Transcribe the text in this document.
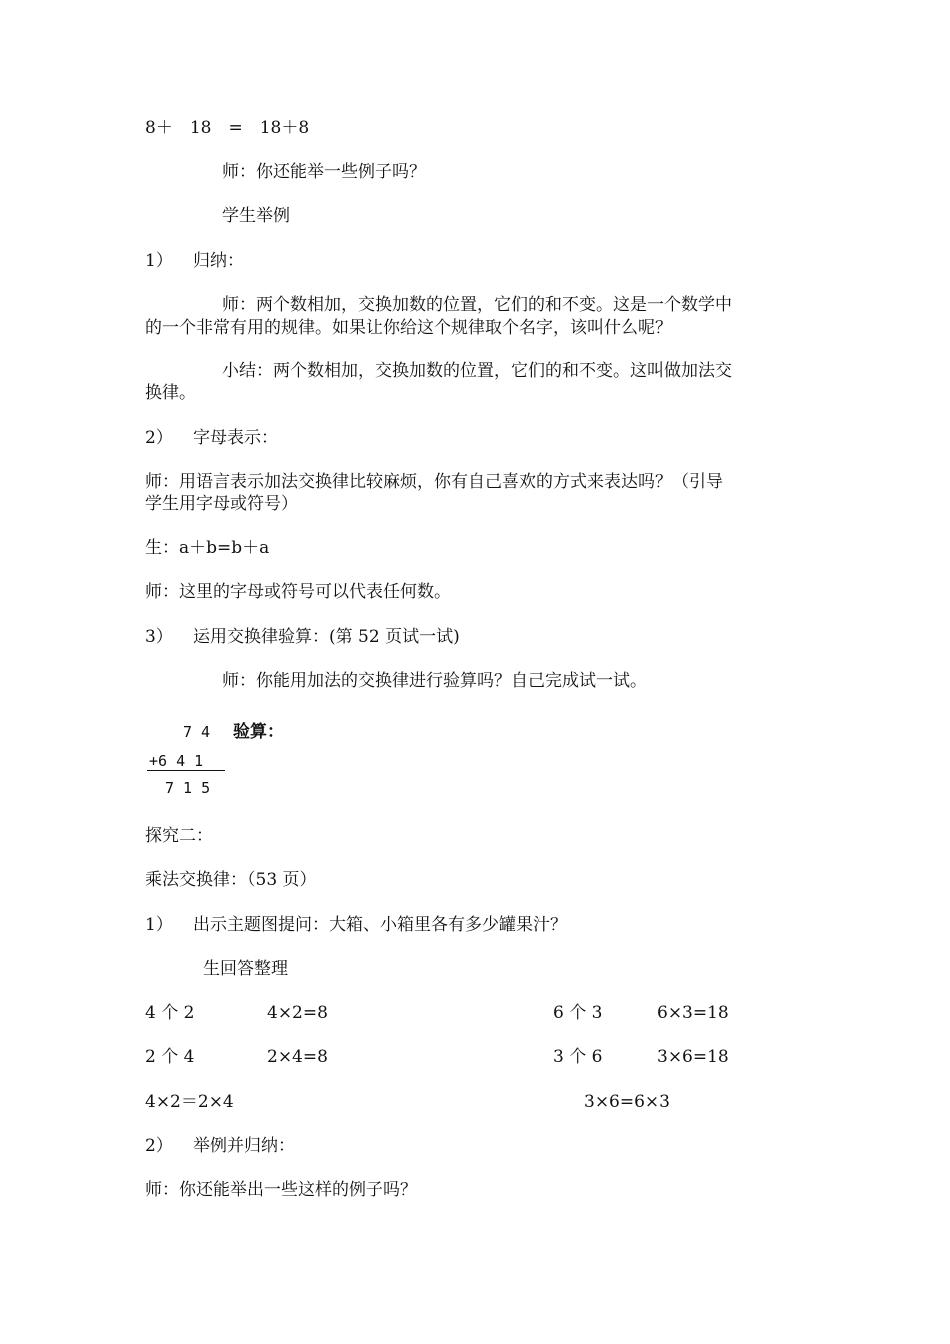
8＋　18　=　18＋8
师：你还能举一些例子吗？
学生举例
1） 归纳：
师：两个数相加，交换加数的位置，它们的和不变。这是一个数学中
的一个非常有用的规律。如果让你给这个规律取个名字，该叫什么呢？
小结：两个数相加，交换加数的位置，它们的和不变。这叫做加法交
换律。
2） 字母表示：
师：用语言表示加法交换律比较麻烦，你有自己喜欢的方式来表达吗？（引导
学生用字母或符号）
生：a＋b=b＋a
师：这里的字母或符号可以代表任何数。
3） 运用交换律验算：(第 52 页试一试)
师：你能用加法的交换律进行验算吗？自己完成试一试。
7 4 验算：
+6 4 1
7 1 5
探究二：
乘法交换律：（53 页）
1） 出示主题图提问：大箱、小箱里各有多少罐果汁？
生回答整理
4 个 2	4×2=8	6 个 3	6×3=18
2 个 4	2×4=8	3 个 6	3×6=18
4×2＝2×4	3×6=6×3
2） 举例并归纳：
师：你还能举出一些这样的例子吗？
